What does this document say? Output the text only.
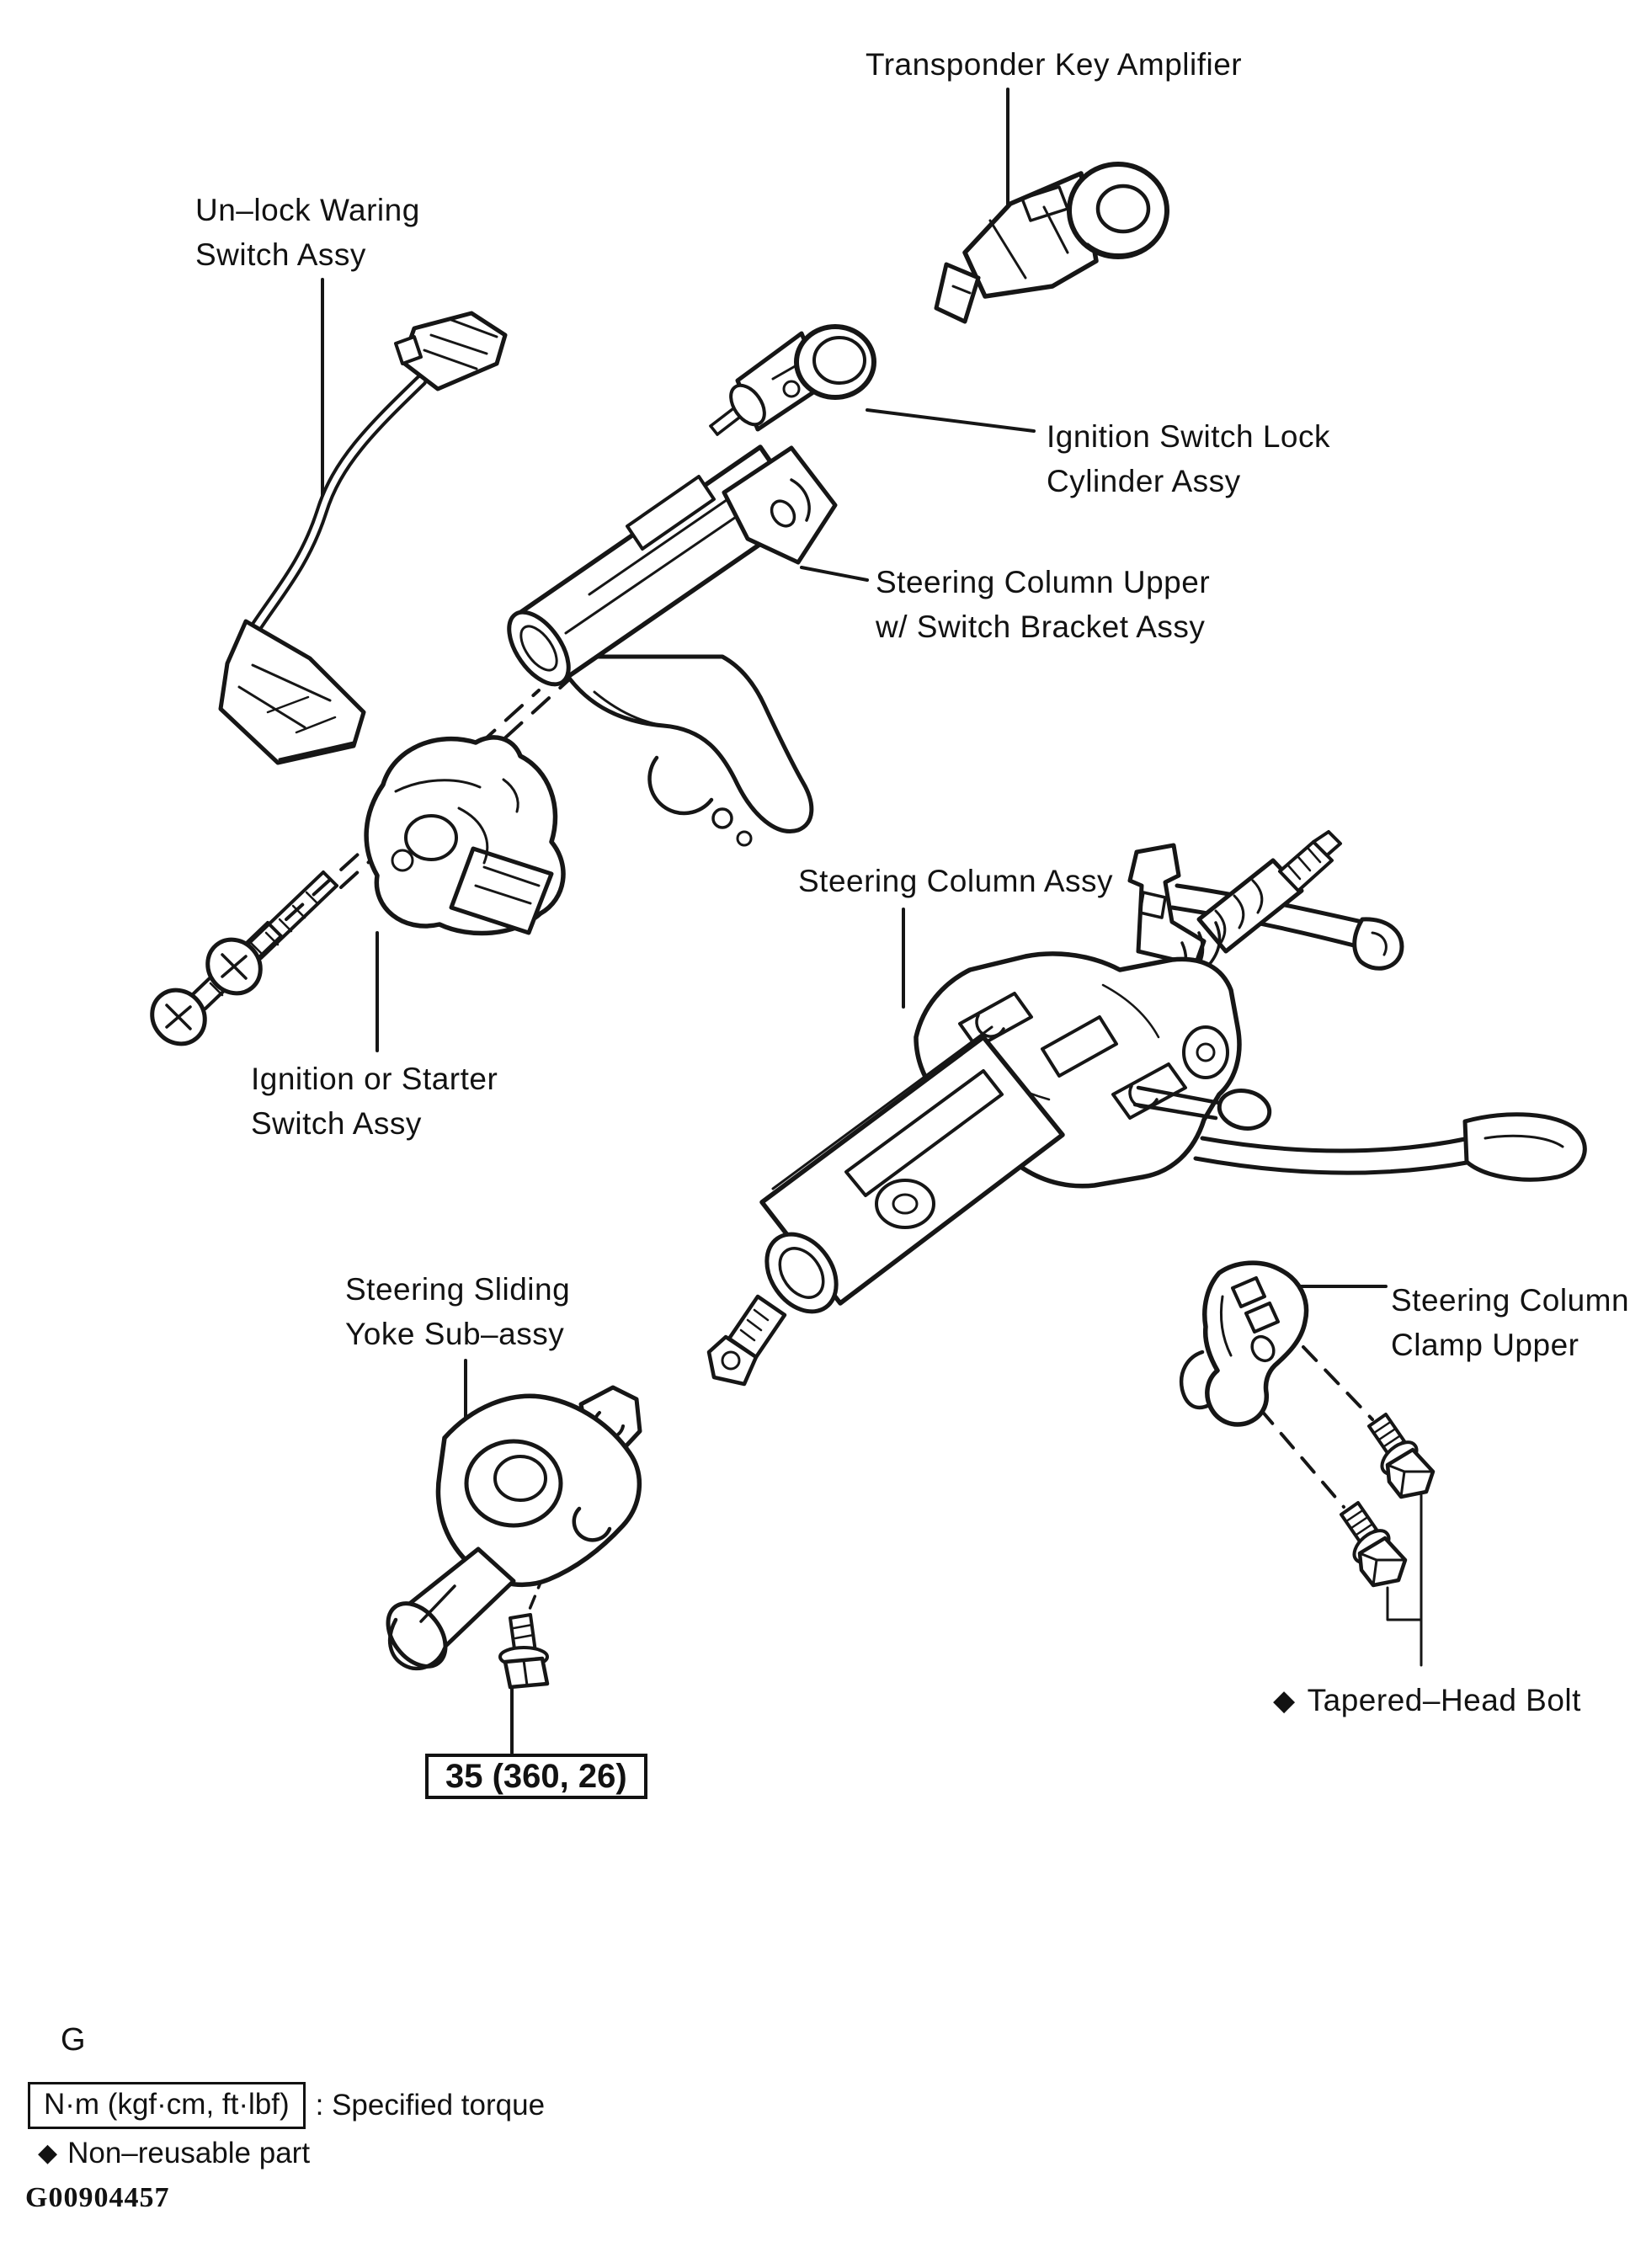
Transponder Key Amplifier
Un–lock Waring
Switch Assy
Ignition Switch Lock
Cylinder Assy
Steering Column Upper
w/ Switch Bracket Assy
Steering Column Assy
Ignition or Starter
Switch Assy
Steering Sliding
Yoke Sub–assy
Steering Column
Clamp Upper
◆ Tapered–Head Bolt
35 (360, 26)
G
N·m (kgf·cm, ft·lbf) : Specified torque
◆ Non–reusable part
G00904457
